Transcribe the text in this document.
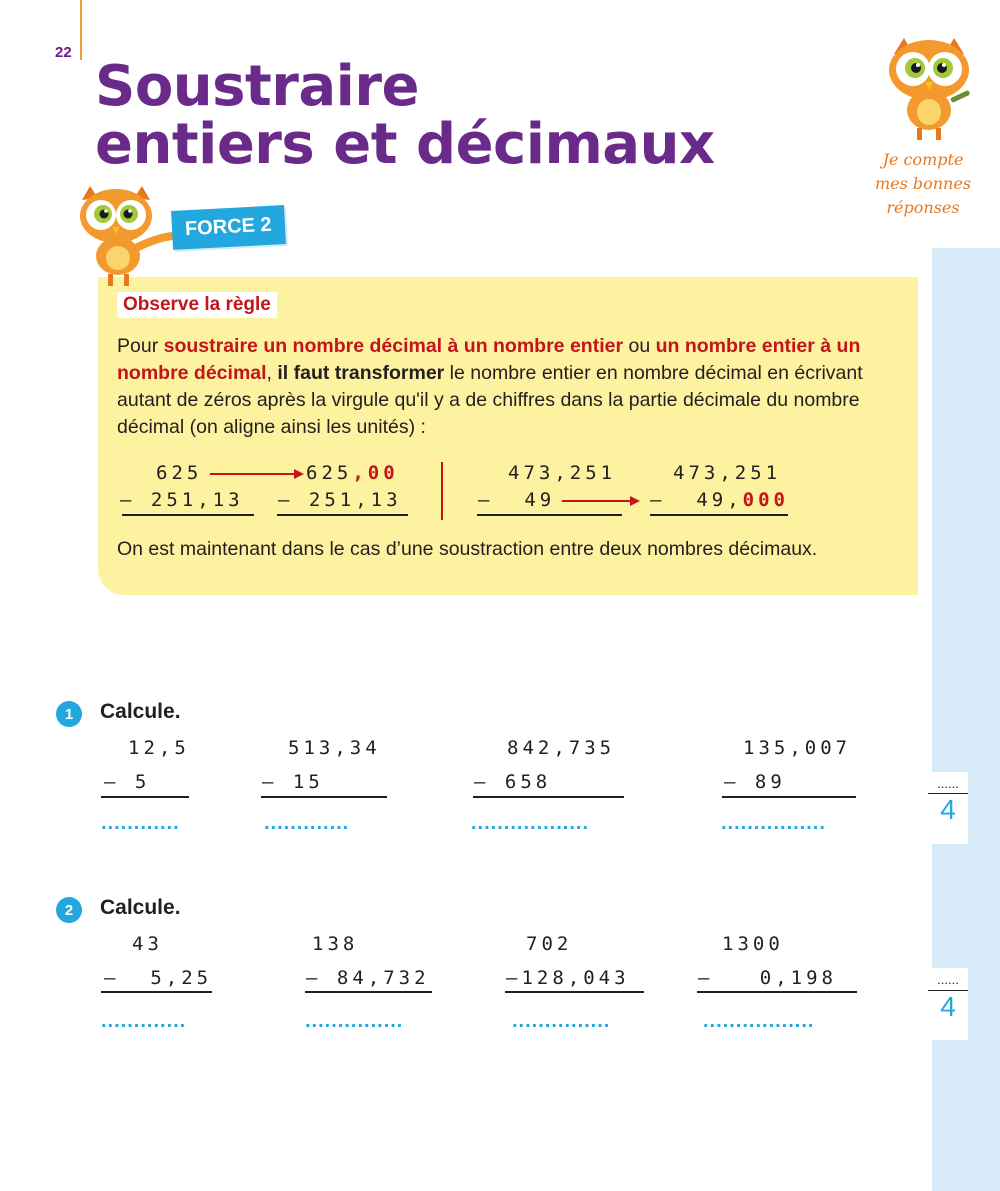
22
Soustraire
entiers et décimaux	Je compte
mes bonnes
réponses
FORCE 2
Observe la règle
Pour soustraire un nombre décimal à un nombre entier ou un nombre entier à un nombre décimal, il faut transformer le nombre entier en nombre décimal en écrivant autant de zéros après la virgule qu'il y a de chiffres dans la partie décimale du nombre décimal (on aligne ainsi les unités) :
625
– 251,13
625,00
– 251,13
473,251
–  49
473,251
–  49,000
On est maintenant dans le cas d’une soustraction entre deux nombres décimaux.
1	Calcule.
12,5
– 5
............
513,34
– 15
.............
842,735
– 658
..................
135,007
– 89
................
......
4
2	Calcule.
43
–  5,25
.............
138
– 84,732
...............
702
–128,043
...............
1300
–   0,198
.................
......
4
